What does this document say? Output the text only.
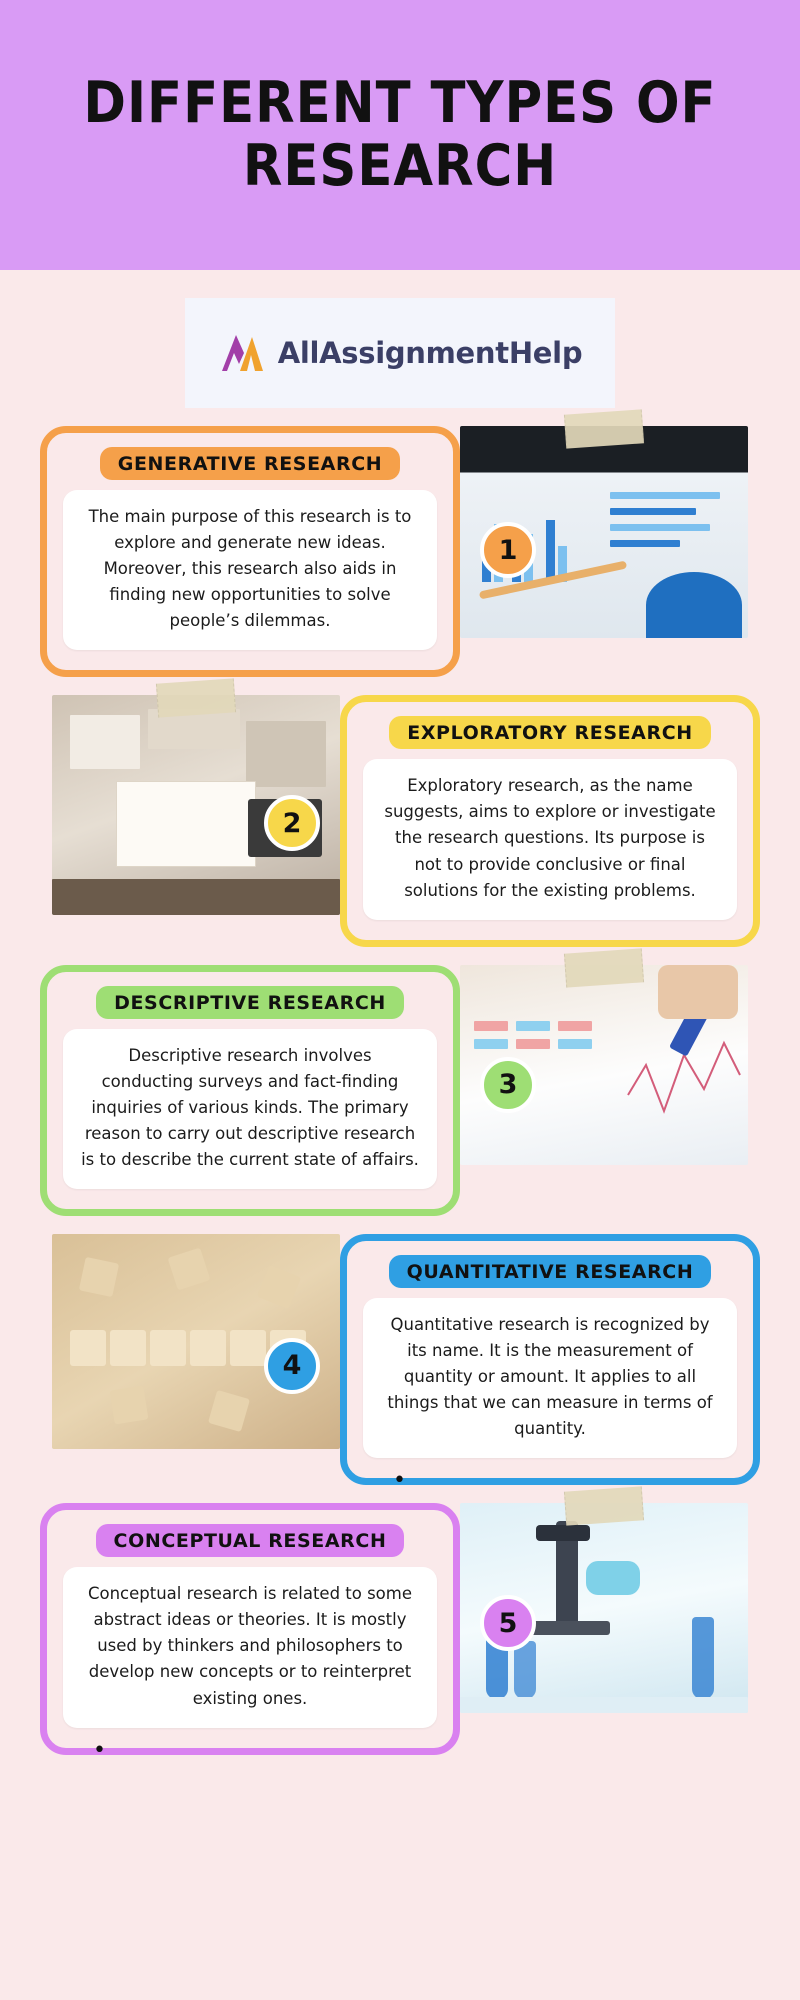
DIFFERENT TYPES OF RESEARCH
AllAssignmentHelp
GENERATIVE RESEARCH
The main purpose of this research is to explore and generate new ideas. Moreover, this research also aids in finding new opportunities to solve people’s dilemmas.
1
EXPLORATORY RESEARCH
Exploratory research, as the name suggests, aims to explore or investigate the research questions. Its purpose is not to provide conclusive or final solutions for the existing problems.
2
DESCRIPTIVE RESEARCH
Descriptive research involves conducting surveys and fact-finding inquiries of various kinds. The primary reason to carry out descriptive research is to describe the current state of affairs.
3
QUANTITATIVE RESEARCH
Quantitative research is recognized by its name. It is the measurement of quantity or amount. It applies to all things that we can measure in terms of quantity.
•
4
CONCEPTUAL RESEARCH
Conceptual research is related to some abstract ideas or theories. It is mostly used by thinkers and philosophers to develop new concepts or to reinterpret existing ones.
•
5
